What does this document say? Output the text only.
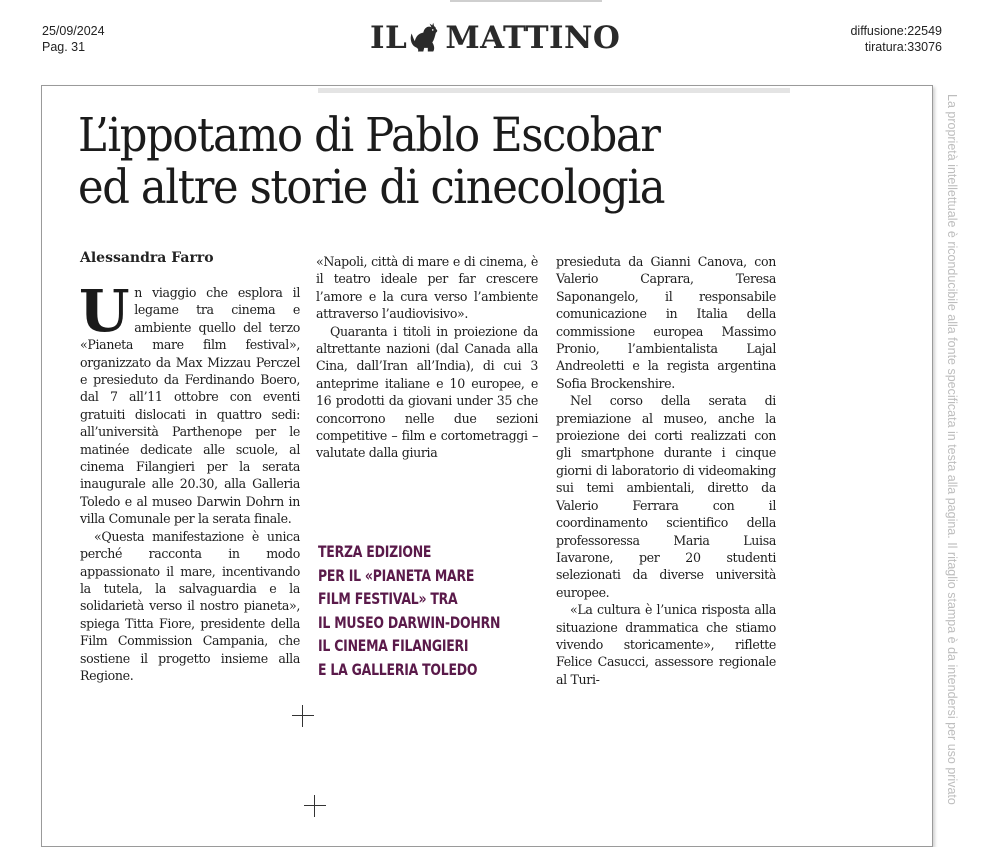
25/09/2024
Pag. 31	IL MATTINO	diffusione:22549
tiratura:33076
L’ippotamo di Pablo Escobar
ed altre storie di cinecologia
Alessandra Farro

Un viaggio che esplora il legame tra cinema e ambiente quello del terzo «Pianeta mare film festival», organizzato da Max Mizzau Perczel e presieduto da Ferdinando Boero, dal 7 all’11 ottobre con eventi gratuiti dislocati in quattro sedi: all’università Parthenope per le matinée dedicate alle scuole, al cinema Filangieri per la serata inaugurale alle 20.30, alla Galleria Toledo e al museo Darwin Dohrn in villa Comunale per la serata finale.

«Questa manifestazione è unica perché racconta in modo appassionato il mare, incentivando la tutela, la salvaguardia e la solidarietà verso il nostro pianeta», spiega Titta Fiore, presidente della Film Commission Campania, che sostiene il progetto insieme alla Regione.

«Napoli, città di mare e di cinema, è il teatro ideale per far crescere l’amore e la cura verso l’ambiente attraverso l’audiovisivo».

Quaranta i titoli in proiezione da altrettante nazioni (dal Canada alla Cina, dall’Iran all’India), di cui 3 anteprime italiane e 10 europee, e 16 prodotti da giovani under 35 che concorrono nelle due sezioni competitive – film e cortometraggi – valutate dalla giuria

TERZA EDIZIONE
PER IL «PIANETA MARE
FILM FESTIVAL» TRA
IL MUSEO DARWIN-DOHRN
IL CINEMA FILANGIERI
E LA GALLERIA TOLEDO

presieduta da Gianni Canova, con Valerio Caprara, Teresa Saponangelo, il responsabile comunicazione in Italia della commissione europea Massimo Pronio, l’ambientalista Lajal Andreoletti e la regista argentina Sofia Brockenshire.

Nel corso della serata di premiazione al museo, anche la proiezione dei corti realizzati con gli smartphone durante i cinque giorni di laboratorio di videomaking sui temi ambientali, diretto da Valerio Ferrara con il coordinamento scientifico della professoressa Maria Luisa Iavarone, per 20 studenti selezionati da diverse università europee.

«La cultura è l’unica risposta alla situazione drammatica che stiamo vivendo storicamente», riflette Felice Casucci, assessore regionale al Turi-	La proprietà intellettuale è riconducibile alla fonte specificata in testa alla pagina. Il ritaglio stampa è da intendersi per uso privato
